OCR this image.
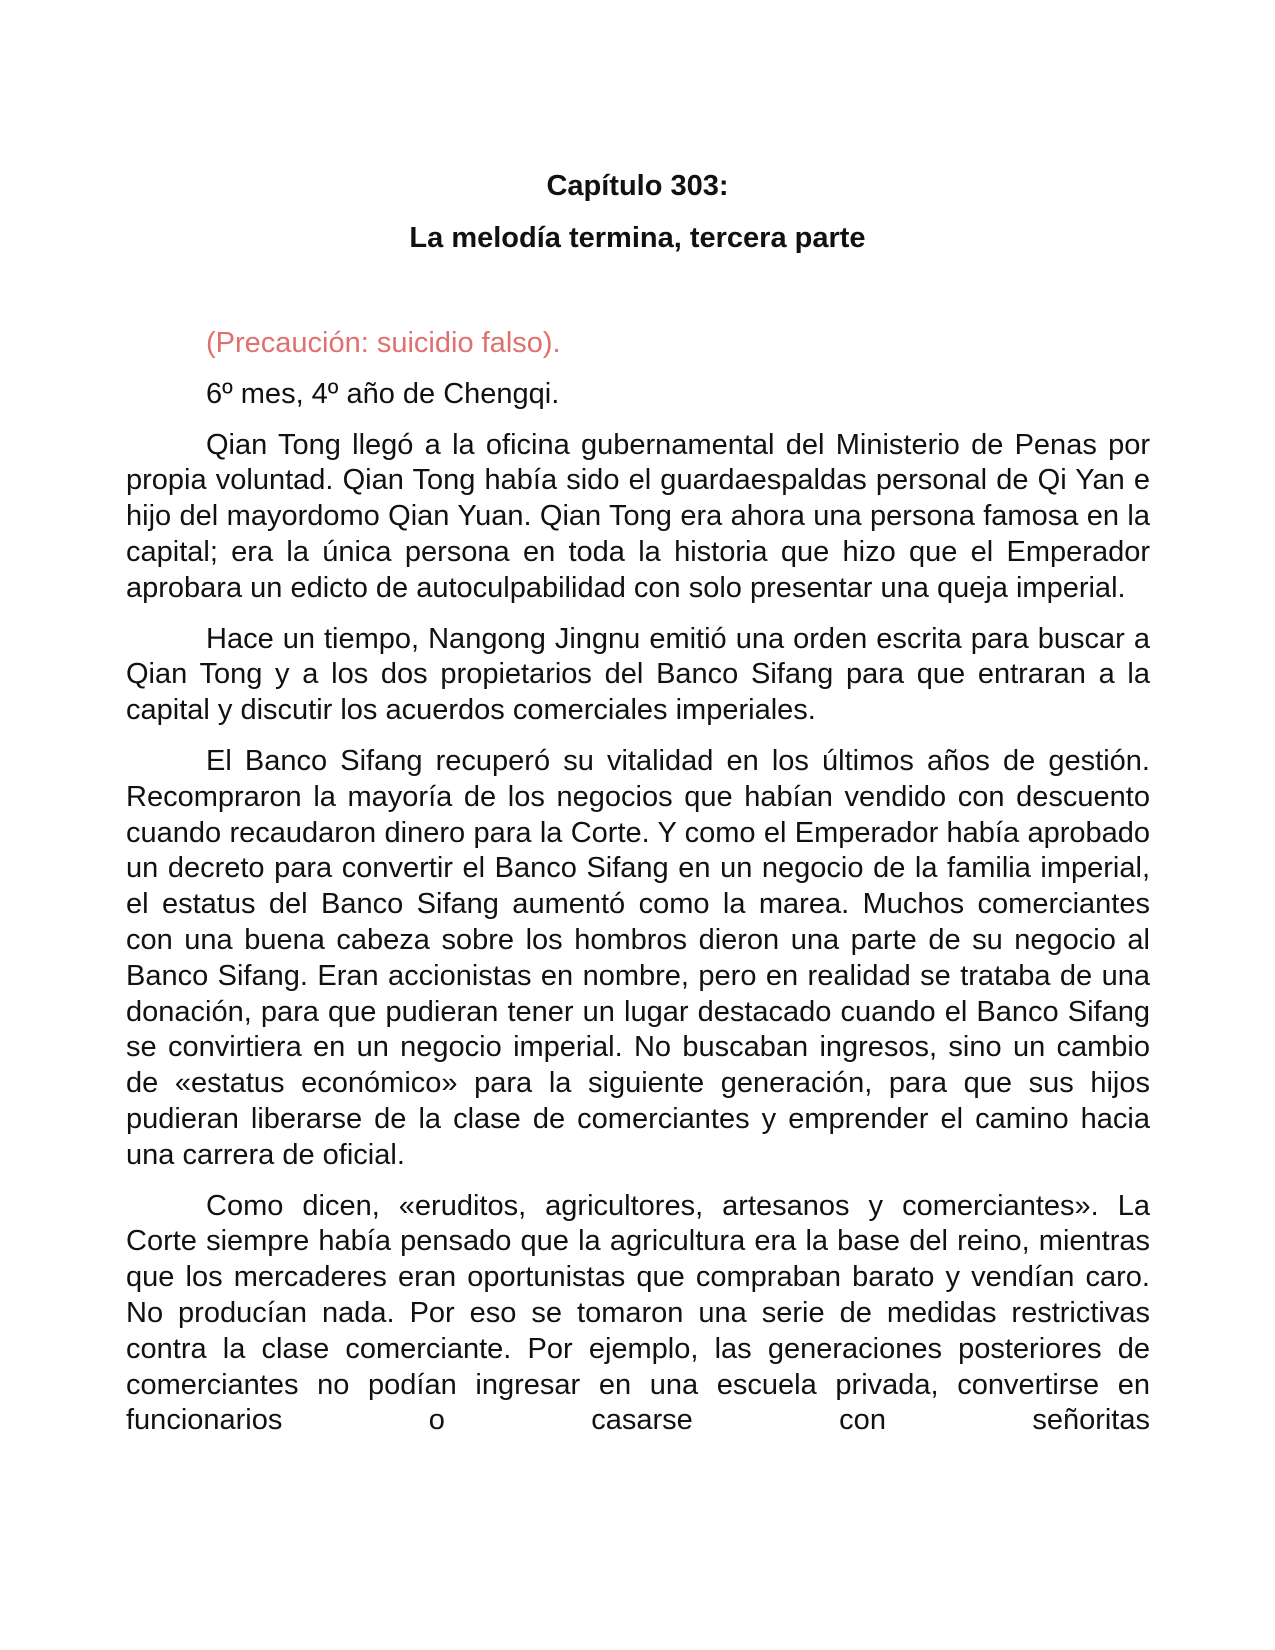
Capítulo 303:
La melodía termina, tercera parte

(Precaución: suicidio falso).

6º mes, 4º año de Chengqi.

Qian Tong llegó a la oficina gubernamental del Ministerio de Penas por propia voluntad. Qian Tong había sido el guardaespaldas personal de Qi Yan e hijo del mayordomo Qian Yuan. Qian Tong era ahora una persona famosa en la capital; era la única persona en toda la historia que hizo que el Emperador aprobara un edicto de autoculpabilidad con solo presentar una queja imperial.

Hace un tiempo, Nangong Jingnu emitió una orden escrita para buscar a Qian Tong y a los dos propietarios del Banco Sifang para que entraran a la capital y discutir los acuerdos comerciales imperiales.

El Banco Sifang recuperó su vitalidad en los últimos años de gestión. Recompraron la mayoría de los negocios que habían vendido con descuento cuando recaudaron dinero para la Corte. Y como el Emperador había aprobado un decreto para convertir el Banco Sifang en un negocio de la familia imperial, el estatus del Banco Sifang aumentó como la marea. Muchos comerciantes con una buena cabeza sobre los hombros dieron una parte de su negocio al Banco Sifang. Eran accionistas en nombre, pero en realidad se trataba de una donación, para que pudieran tener un lugar destacado cuando el Banco Sifang se convirtiera en un negocio imperial. No buscaban ingresos, sino un cambio de «estatus económico» para la siguiente generación, para que sus hijos pudieran liberarse de la clase de comerciantes y emprender el camino hacia una carrera de oficial.

Como dicen, «eruditos, agricultores, artesanos y comerciantes». La Corte siempre había pensado que la agricultura era la base del reino, mientras que los mercaderes eran oportunistas que compraban barato y vendían caro. No producían nada. Por eso se tomaron una serie de medidas restrictivas contra la clase comerciante. Por ejemplo, las generaciones posteriores de comerciantes no podían ingresar en una escuela privada, convertirse en funcionarios o casarse con señoritas
